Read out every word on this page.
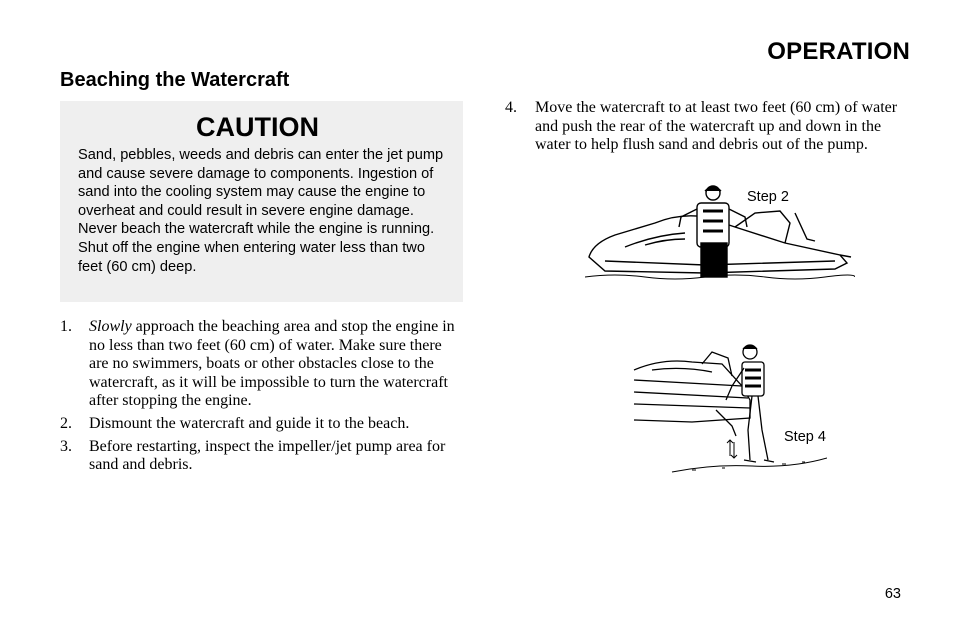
OPERATION
Beaching the Watercraft
CAUTION
Sand, pebbles, weeds and debris can enter the jet pump and cause severe damage to components. Ingestion of sand into the cooling system may cause the engine to overheat and could result in severe engine damage. Never beach the watercraft while the engine is running. Shut off the engine when entering water less than two feet (60 cm) deep.
1.	Slowly approach the beaching area and stop the engine in no less than two feet (60 cm) of water. Make sure there are no swimmers, boats or other obstacles close to the watercraft, as it will be impossible to turn the watercraft after stopping the engine.
2.	Dismount the watercraft and guide it to the beach.
3.	Before restarting, inspect the impeller/jet pump area for sand and debris.
4.	Move the watercraft to at least two feet (60 cm) of water and push the rear of the watercraft up and down in the water to help flush sand and debris out of the pump.
Step 2
Step 4
63
